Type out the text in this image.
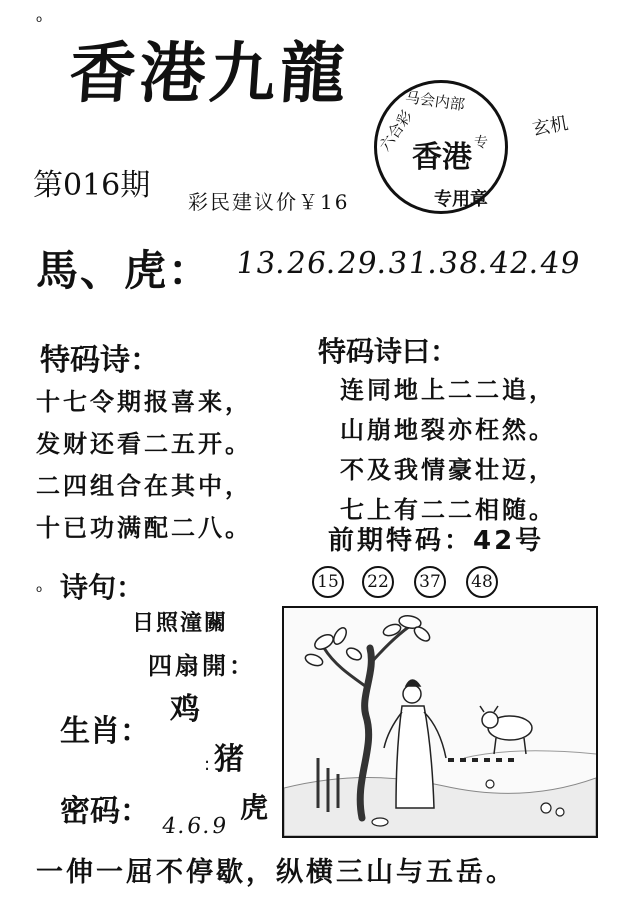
o
o
香港九龍	马会内部
六合彩
香港 专
专用章
玄机
第016期 彩民建议价￥16
馬、虎： 13.26.29.31.38.42.49
特码诗：
十七令期报喜来，
发财还看二五开。
二四组合在其中，
十已功满配二八。
特码诗曰：
连同地上二二追，
山崩地裂亦枉然。
不及我情豪壮迈，
七上有二二相随。
前期特码：42号
15	22	37	48
诗句：
日照潼關
四扇開：
生肖：
鸡
: 猪
密码： 4.6.9
虎
一伸一屈不停歇，纵横三山与五岳。
